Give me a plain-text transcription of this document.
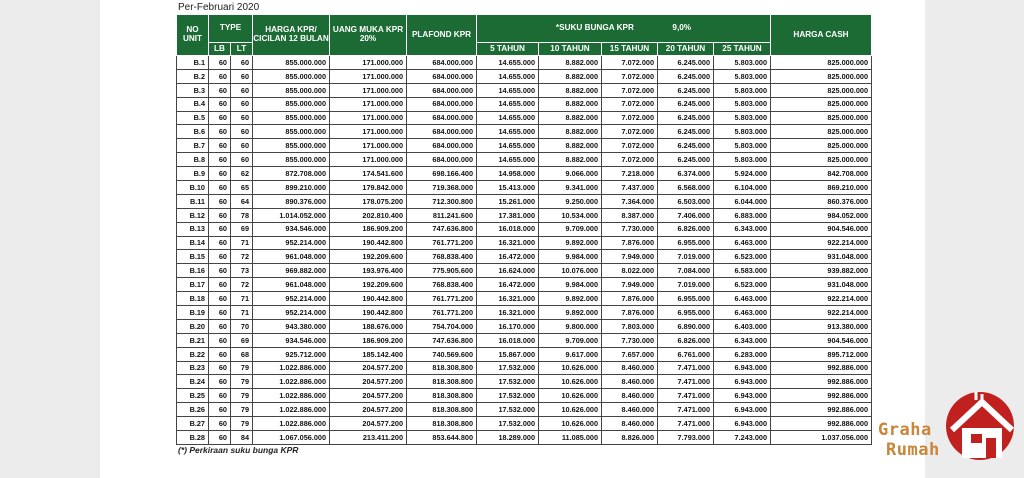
Per-Februari 2020
NO UNIT	TYPE		HARGA KPR/ CICILAN 12 BULAN	UANG MUKA KPR 20%	PLAFOND KPR	*SUKU BUNGA KPR 9,0%					HARGA CASH
	LB	LT				5 TAHUN	10 TAHUN	15 TAHUN	20 TAHUN	25 TAHUN	
B.1	60	60	855.000.000	171.000.000	684.000.000	14.655.000	8.882.000	7.072.000	6.245.000	5.803.000	825.000.000
B.2	60	60	855.000.000	171.000.000	684.000.000	14.655.000	8.882.000	7.072.000	6.245.000	5.803.000	825.000.000
B.3	60	60	855.000.000	171.000.000	684.000.000	14.655.000	8.882.000	7.072.000	6.245.000	5.803.000	825.000.000
B.4	60	60	855.000.000	171.000.000	684.000.000	14.655.000	8.882.000	7.072.000	6.245.000	5.803.000	825.000.000
B.5	60	60	855.000.000	171.000.000	684.000.000	14.655.000	8.882.000	7.072.000	6.245.000	5.803.000	825.000.000
B.6	60	60	855.000.000	171.000.000	684.000.000	14.655.000	8.882.000	7.072.000	6.245.000	5.803.000	825.000.000
B.7	60	60	855.000.000	171.000.000	684.000.000	14.655.000	8.882.000	7.072.000	6.245.000	5.803.000	825.000.000
B.8	60	60	855.000.000	171.000.000	684.000.000	14.655.000	8.882.000	7.072.000	6.245.000	5.803.000	825.000.000
B.9	60	62	872.708.000	174.541.600	698.166.400	14.958.000	9.066.000	7.218.000	6.374.000	5.924.000	842.708.000
B.10	60	65	899.210.000	179.842.000	719.368.000	15.413.000	9.341.000	7.437.000	6.568.000	6.104.000	869.210.000
B.11	60	64	890.376.000	178.075.200	712.300.800	15.261.000	9.250.000	7.364.000	6.503.000	6.044.000	860.376.000
B.12	60	78	1.014.052.000	202.810.400	811.241.600	17.381.000	10.534.000	8.387.000	7.406.000	6.883.000	984.052.000
B.13	60	69	934.546.000	186.909.200	747.636.800	16.018.000	9.709.000	7.730.000	6.826.000	6.343.000	904.546.000
B.14	60	71	952.214.000	190.442.800	761.771.200	16.321.000	9.892.000	7.876.000	6.955.000	6.463.000	922.214.000
B.15	60	72	961.048.000	192.209.600	768.838.400	16.472.000	9.984.000	7.949.000	7.019.000	6.523.000	931.048.000
B.16	60	73	969.882.000	193.976.400	775.905.600	16.624.000	10.076.000	8.022.000	7.084.000	6.583.000	939.882.000
B.17	60	72	961.048.000	192.209.600	768.838.400	16.472.000	9.984.000	7.949.000	7.019.000	6.523.000	931.048.000
B.18	60	71	952.214.000	190.442.800	761.771.200	16.321.000	9.892.000	7.876.000	6.955.000	6.463.000	922.214.000
B.19	60	71	952.214.000	190.442.800	761.771.200	16.321.000	9.892.000	7.876.000	6.955.000	6.463.000	922.214.000
B.20	60	70	943.380.000	188.676.000	754.704.000	16.170.000	9.800.000	7.803.000	6.890.000	6.403.000	913.380.000
B.21	60	69	934.546.000	186.909.200	747.636.800	16.018.000	9.709.000	7.730.000	6.826.000	6.343.000	904.546.000
B.22	60	68	925.712.000	185.142.400	740.569.600	15.867.000	9.617.000	7.657.000	6.761.000	6.283.000	895.712.000
B.23	60	79	1.022.886.000	204.577.200	818.308.800	17.532.000	10.626.000	8.460.000	7.471.000	6.943.000	992.886.000
B.24	60	79	1.022.886.000	204.577.200	818.308.800	17.532.000	10.626.000	8.460.000	7.471.000	6.943.000	992.886.000
B.25	60	79	1.022.886.000	204.577.200	818.308.800	17.532.000	10.626.000	8.460.000	7.471.000	6.943.000	992.886.000
B.26	60	79	1.022.886.000	204.577.200	818.308.800	17.532.000	10.626.000	8.460.000	7.471.000	6.943.000	992.886.000
B.27	60	79	1.022.886.000	204.577.200	818.308.800	17.532.000	10.626.000	8.460.000	7.471.000	6.943.000	992.886.000
B.28	60	84	1.067.056.000	213.411.200	853.644.800	18.289.000	11.085.000	8.826.000	7.793.000	7.243.000	1.037.056.000
(*) Perkiraan suku bunga KPR
Graha
Rumah
